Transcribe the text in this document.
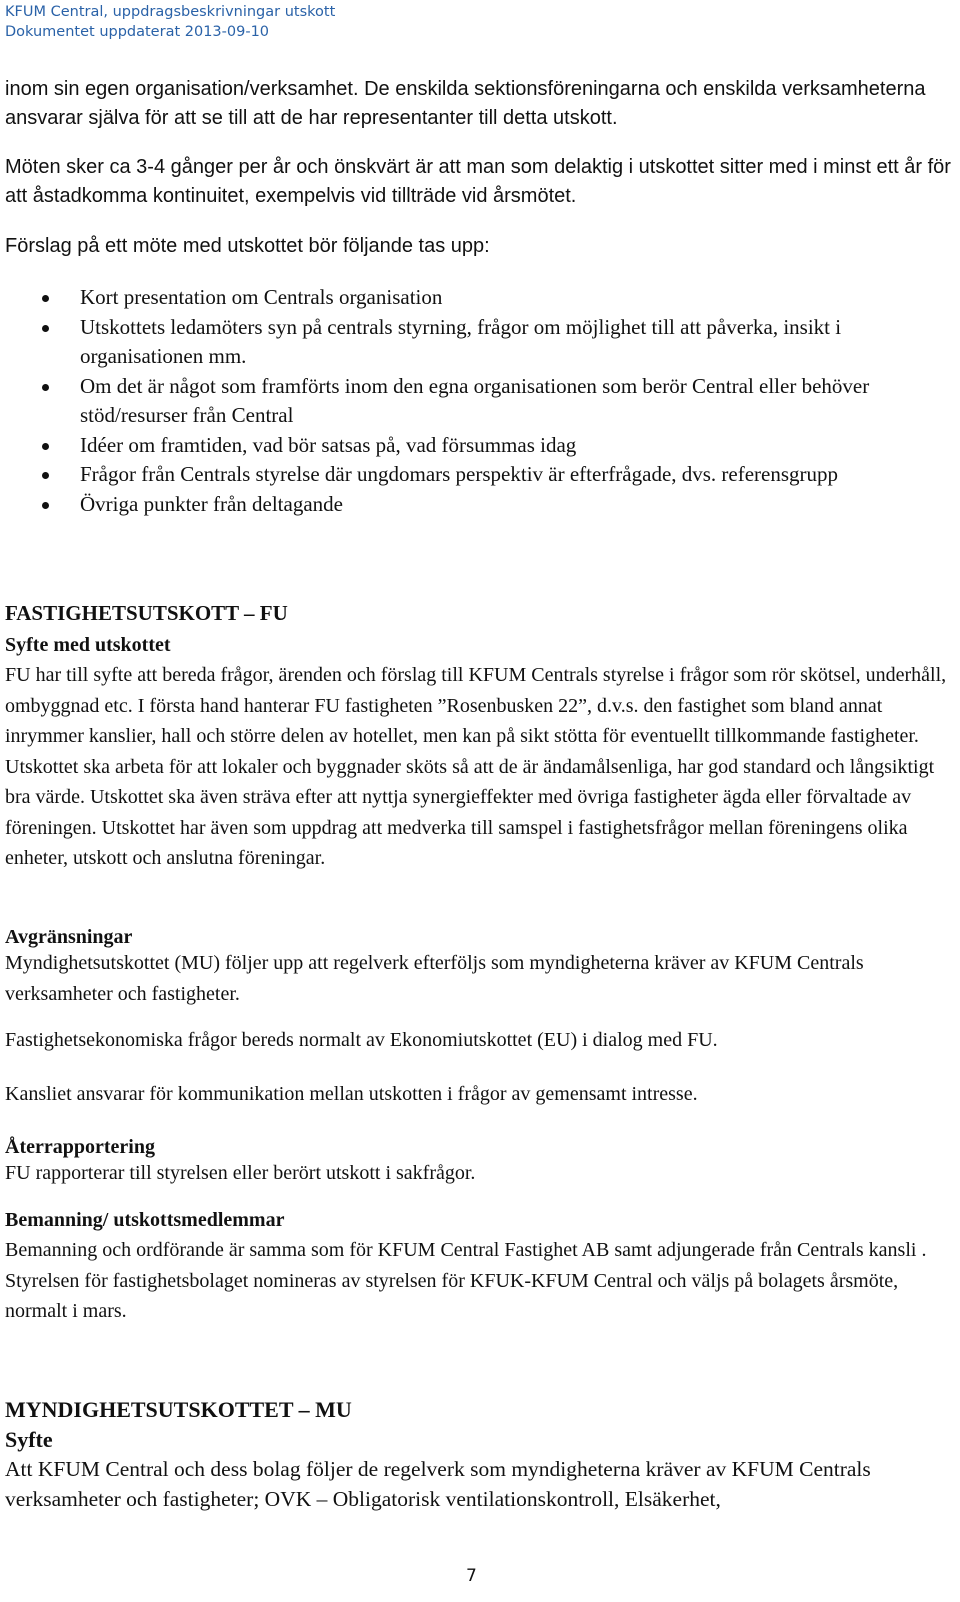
KFUM Central, uppdragsbeskrivningar utskott
Dokumentet uppdaterat 2013-09-10

inom sin egen organisation/verksamhet. De enskilda sektionsföreningarna och enskilda verksamheterna ansvarar själva för att se till att de har representanter till detta utskott.

Möten sker ca 3-4 gånger per år och önskvärt är att man som delaktig i utskottet sitter med i minst ett år för att åstadkomma kontinuitet, exempelvis vid tillträde vid årsmötet.

Förslag på ett möte med utskottet bör följande tas upp:

Kort presentation om Centrals organisation
Utskottets ledamöters syn på centrals styrning, frågor om möjlighet till att påverka, insikt i organisationen mm.
Om det är något som framförts inom den egna organisationen som berör Central eller behöver stöd/resurser från Central
Idéer om framtiden, vad bör satsas på, vad försummas idag
Frågor från Centrals styrelse där ungdomars perspektiv är efterfrågade, dvs. referensgrupp
Övriga punkter från deltagande
FASTIGHETSUTSKOTT – FU
Syfte med utskottet

FU har till syfte att bereda frågor, ärenden och förslag till KFUM Centrals styrelse i frågor som rör skötsel, underhåll, ombyggnad etc. I första hand hanterar FU fastigheten ”Rosenbusken 22”, d.v.s. den fastighet som bland annat inrymmer kanslier, hall och större delen av hotellet, men kan på sikt stötta för eventuellt tillkommande fastigheter. Utskottet ska arbeta för att lokaler och byggnader sköts så att de är ändamålsenliga, har god standard och långsiktigt bra värde. Utskottet ska även sträva efter att nyttja synergieffekter med övriga fastigheter ägda eller förvaltade av föreningen. Utskottet har även som uppdrag att medverka till samspel i fastighetsfrågor mellan föreningens olika enheter, utskott och anslutna föreningar.

Avgränsningar

Myndighetsutskottet (MU) följer upp att regelverk efterföljs som myndigheterna kräver av KFUM Centrals verksamheter och fastigheter.

Fastighetsekonomiska frågor bereds normalt av Ekonomiutskottet (EU) i dialog med FU.

Kansliet ansvarar för kommunikation mellan utskotten i frågor av gemensamt intresse.

Återrapportering

FU rapporterar till styrelsen eller berört utskott i sakfrågor.

Bemanning/ utskottsmedlemmar

Bemanning och ordförande är samma som för KFUM Central Fastighet AB samt adjungerade från Centrals kansli . Styrelsen för fastighetsbolaget nomineras av styrelsen för KFUK-KFUM Central och väljs på bolagets årsmöte, normalt i mars.

MYNDIGHETSUTSKOTTET – MU
Syfte

Att KFUM Central och dess bolag följer de regelverk som myndigheterna kräver av KFUM Centrals verksamheter och fastigheter; OVK – Obligatorisk ventilationskontroll, Elsäkerhet,

7
